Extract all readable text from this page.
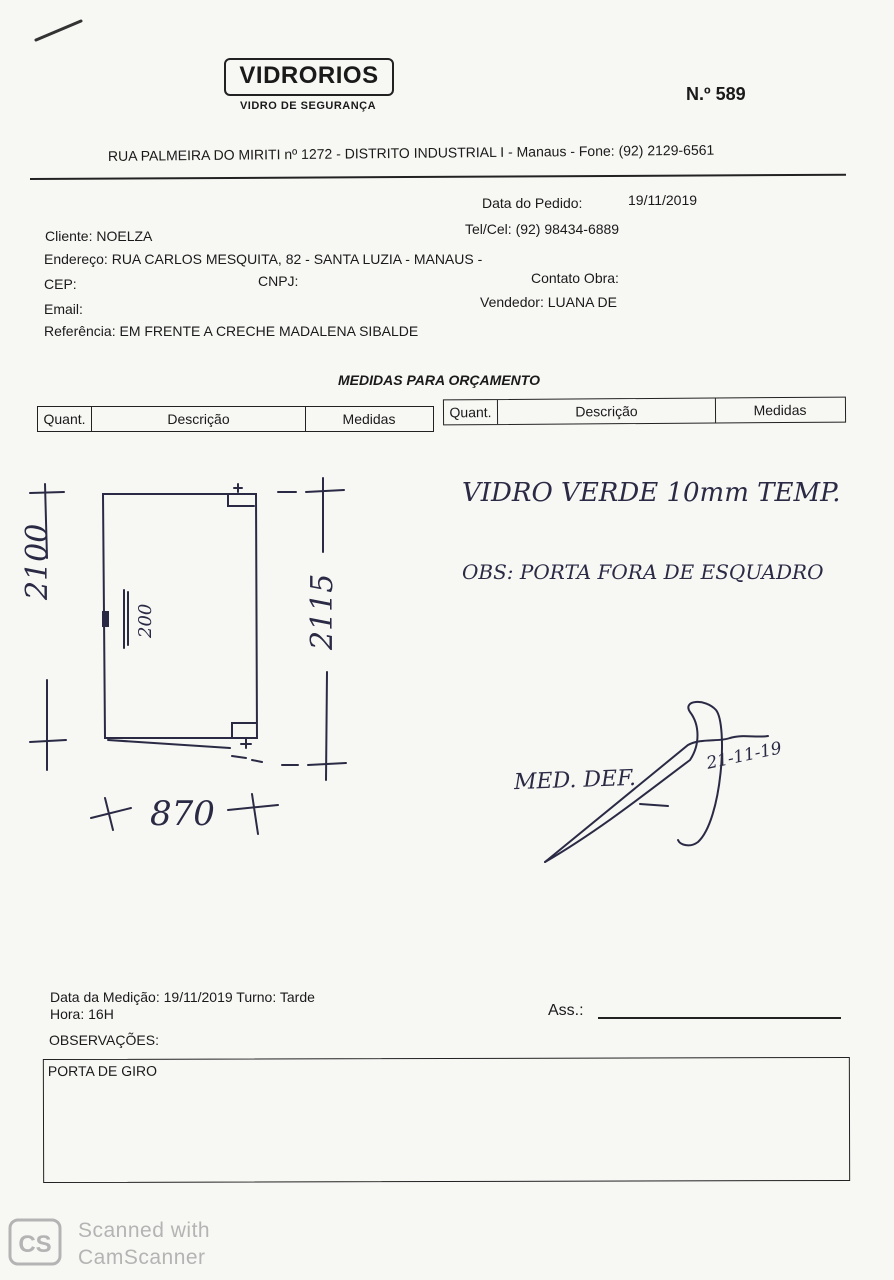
VIDRORIOS
VIDRO DE SEGURANÇA
N.º 589
RUA PALMEIRA DO MIRITI nº 1272 - DISTRITO INDUSTRIAL I - Manaus - Fone: (92) 2129-6561
Data do Pedido:	19/11/2019
Cliente: NOELZA	Tel/Cel: (92) 98434-6889
Endereço: RUA CARLOS MESQUITA, 82 - SANTA LUZIA - MANAUS -
CEP:	CNPJ:	Contato Obra:
Email:	Vendedor: LUANA DE
Referência: EM FRENTE A CRECHE MADALENA SIBALDE
MEDIDAS PARA ORÇAMENTO
Quant.	Descrição	Medidas	Quant.	Descrição	Medidas
2100
200	2115
870
VIDRO VERDE 10mm TEMP.
OBS: PORTA FORA DE ESQUADRO
MED. DEF.
21-11-19
Data da Medição: 19/11/2019 Turno: Tarde
Hora: 16H	Ass.:
OBSERVAÇÕES:
PORTA DE GIRO
CS
Scanned with
CamScanner
